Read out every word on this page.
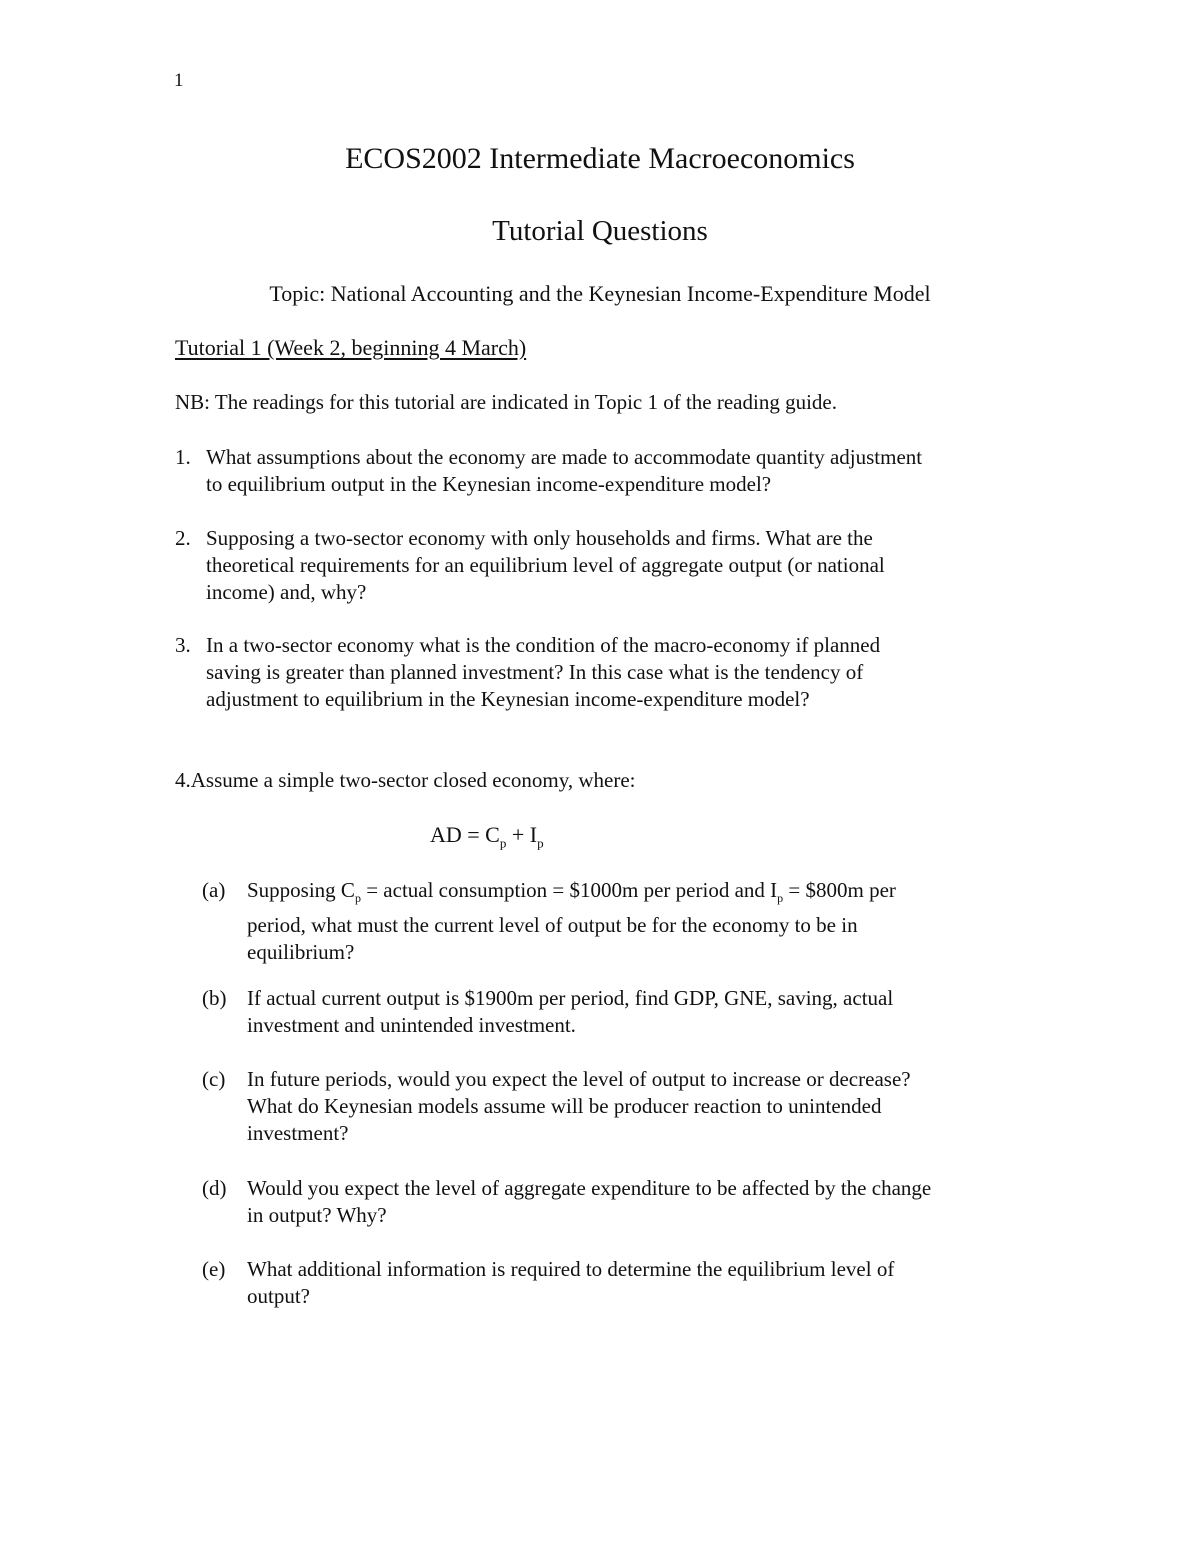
1
ECOS2002 Intermediate Macroeconomics
Tutorial Questions
Topic: National Accounting and the Keynesian Income-Expenditure Model
Tutorial 1 (Week 2, beginning 4 March)
NB: The readings for this tutorial are indicated in Topic 1 of the reading guide.
1. What assumptions about the economy are made to accommodate quantity adjustment
to equilibrium output in the Keynesian income-expenditure model?
2. Supposing a two-sector economy with only households and firms. What are the
theoretical requirements for an equilibrium level of aggregate output (or national
income) and, why?
3. In a two-sector economy what is the condition of the macro-economy if planned
saving is greater than planned investment? In this case what is the tendency of
adjustment to equilibrium in the Keynesian income-expenditure model?
4.Assume a simple two-sector closed economy, where:
AD = $C_p + I_p$
(a) Supposing $C_p$ = actual consumption = $1000m per period and $I_p$ = $800m per
period, what must the current level of output be for the economy to be in
equilibrium?
(b) If actual current output is $1900m per period, find GDP, GNE, saving, actual
investment and unintended investment.
(c) In future periods, would you expect the level of output to increase or decrease?
What do Keynesian models assume will be producer reaction to unintended
investment?
(d) Would you expect the level of aggregate expenditure to be affected by the change
in output? Why?
(e) What additional information is required to determine the equilibrium level of
output?
